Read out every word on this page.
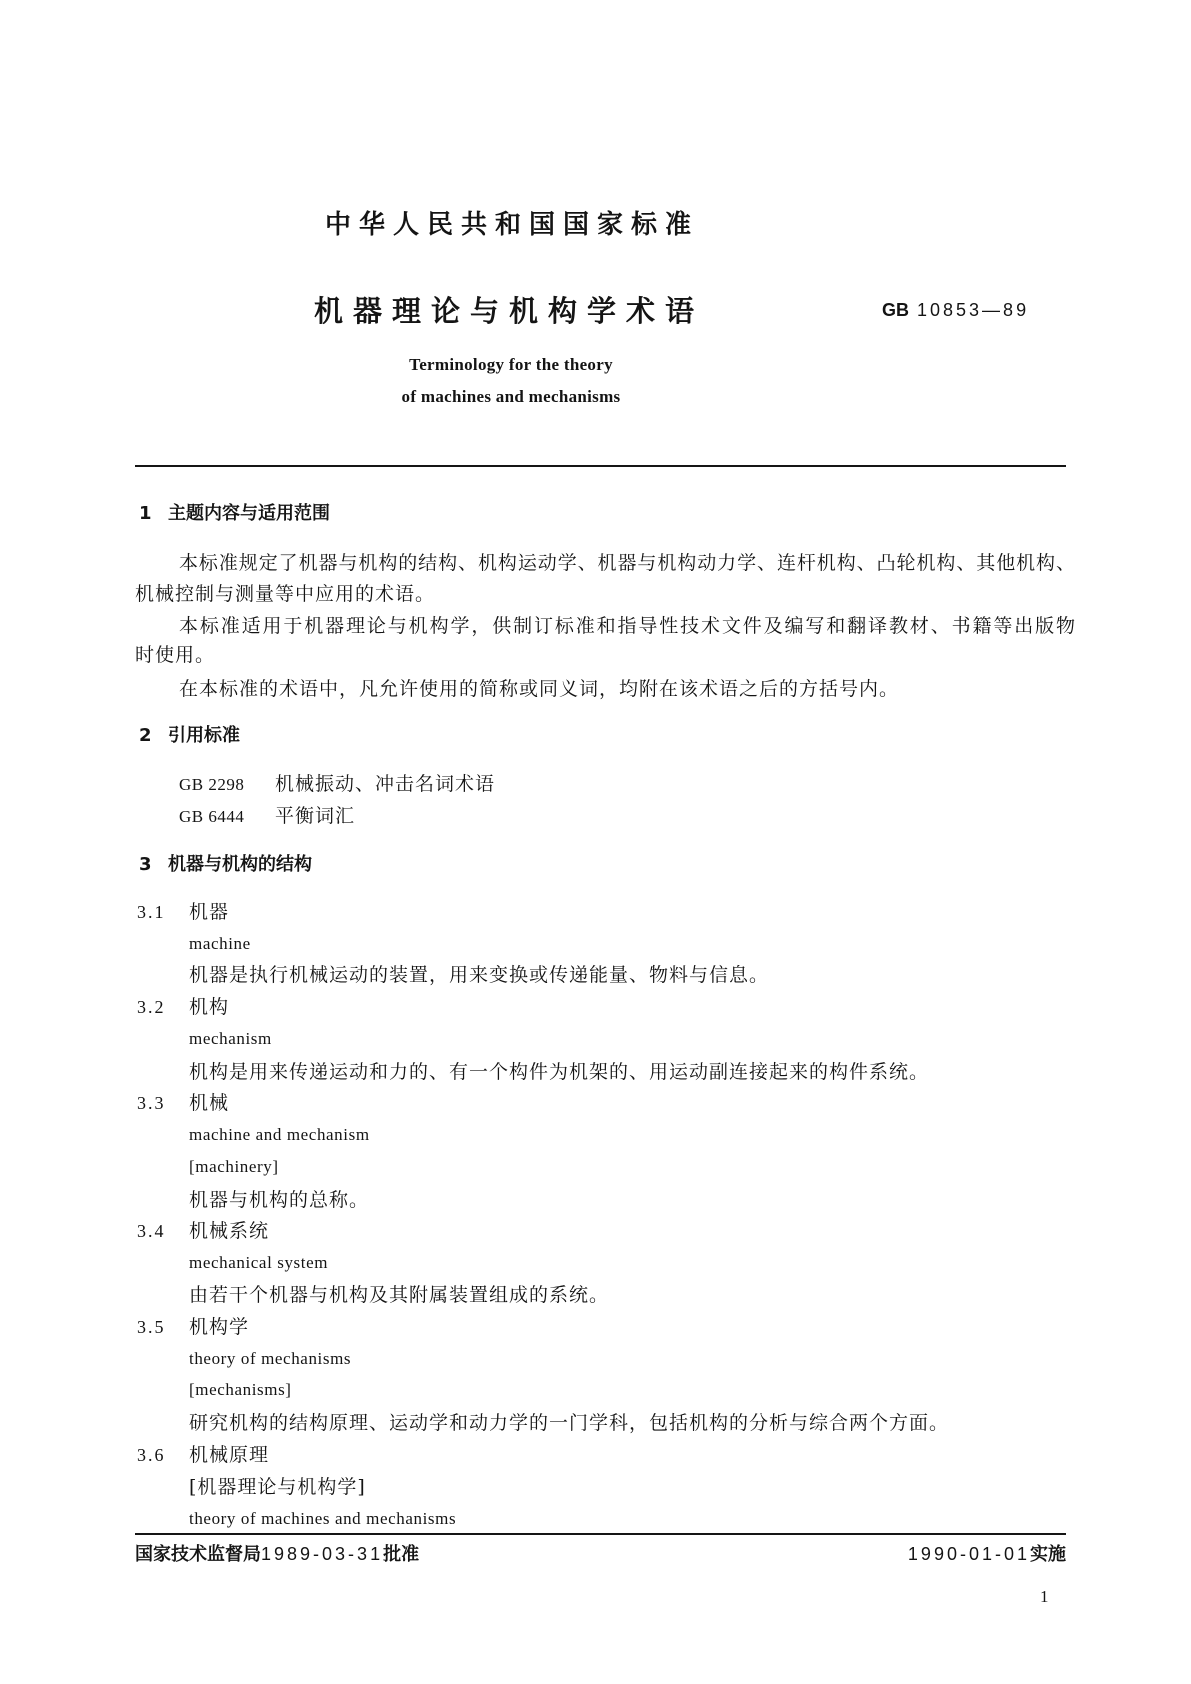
中华人民共和国国家标准
机器理论与机构学术语	GB 10853—89
Terminology for the theory
of machines and mechanisms
1 主题内容与适用范围
本标准规定了机器与机构的结构、机构运动学、机器与机构动力学、连杆机构、凸轮机构、其他机构、
机械控制与测量等中应用的术语。
本标准适用于机器理论与机构学，供制订标准和指导性技术文件及编写和翻译教材、书籍等出版物
时使用。
在本标准的术语中，凡允许使用的简称或同义词，均附在该术语之后的方括号内。
2 引用标准
GB 2298 机械振动、冲击名词术语
GB 6444 平衡词汇
3 机器与机构的结构
3.1 机器
machine
机器是执行机械运动的装置，用来变换或传递能量、物料与信息。
3.2 机构
mechanism
机构是用来传递运动和力的、有一个构件为机架的、用运动副连接起来的构件系统。
3.3 机械
machine and mechanism
[machinery]
机器与机构的总称。
3.4 机械系统
mechanical system
由若干个机器与机构及其附属装置组成的系统。
3.5 机构学
theory of mechanisms
[mechanisms]
研究机构的结构原理、运动学和动力学的一门学科，包括机构的分析与综合两个方面。
3.6 机械原理
[机器理论与机构学]
theory of machines and mechanisms
国家技术监督局1989-03-31批准	1990-01-01实施
1
